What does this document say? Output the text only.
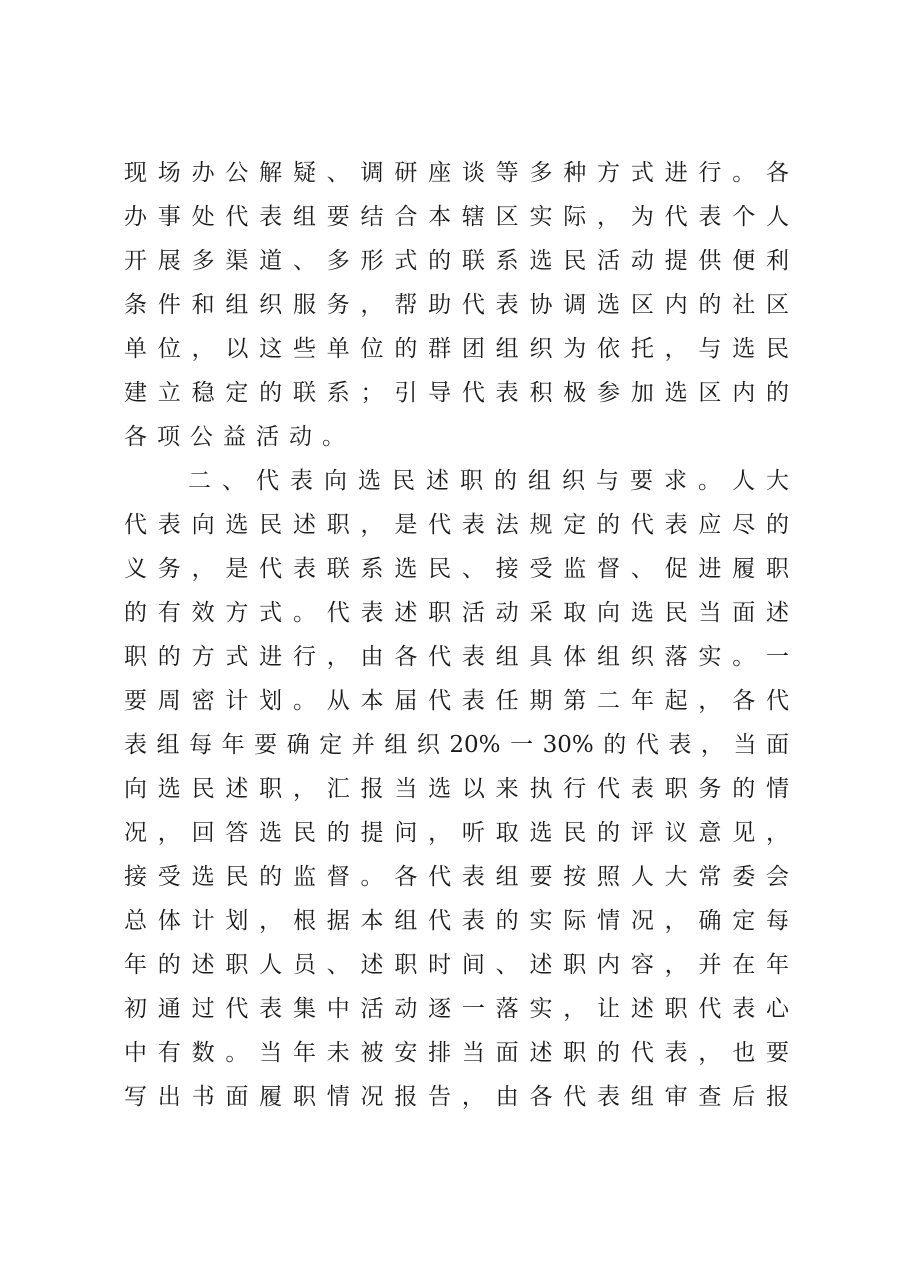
现场办公解疑、调研座谈等多种方式进行。各
办事处代表组要结合本辖区实际，为代表个人
开展多渠道、多形式的联系选民活动提供便利
条件和组织服务，帮助代表协调选区内的社区
单位，以这些单位的群团组织为依托，与选民
建立稳定的联系；引导代表积极参加选区内的
各项公益活动。
二、代表向选民述职的组织与要求。人大
代表向选民述职，是代表法规定的代表应尽的
义务，是代表联系选民、接受监督、促进履职
的有效方式。代表述职活动采取向选民当面述
职的方式进行，由各代表组具体组织落实。一
要周密计划。从本届代表任期第二年起，各代
表组每年要确定并组织20%一30%的代表，当面
向选民述职，汇报当选以来执行代表职务的情
况，回答选民的提问，听取选民的评议意见，
接受选民的监督。各代表组要按照人大常委会
总体计划，根据本组代表的实际情况，确定每
年的述职人员、述职时间、述职内容，并在年
初通过代表集中活动逐一落实，让述职代表心
中有数。当年未被安排当面述职的代表，也要
写出书面履职情况报告，由各代表组审查后报
